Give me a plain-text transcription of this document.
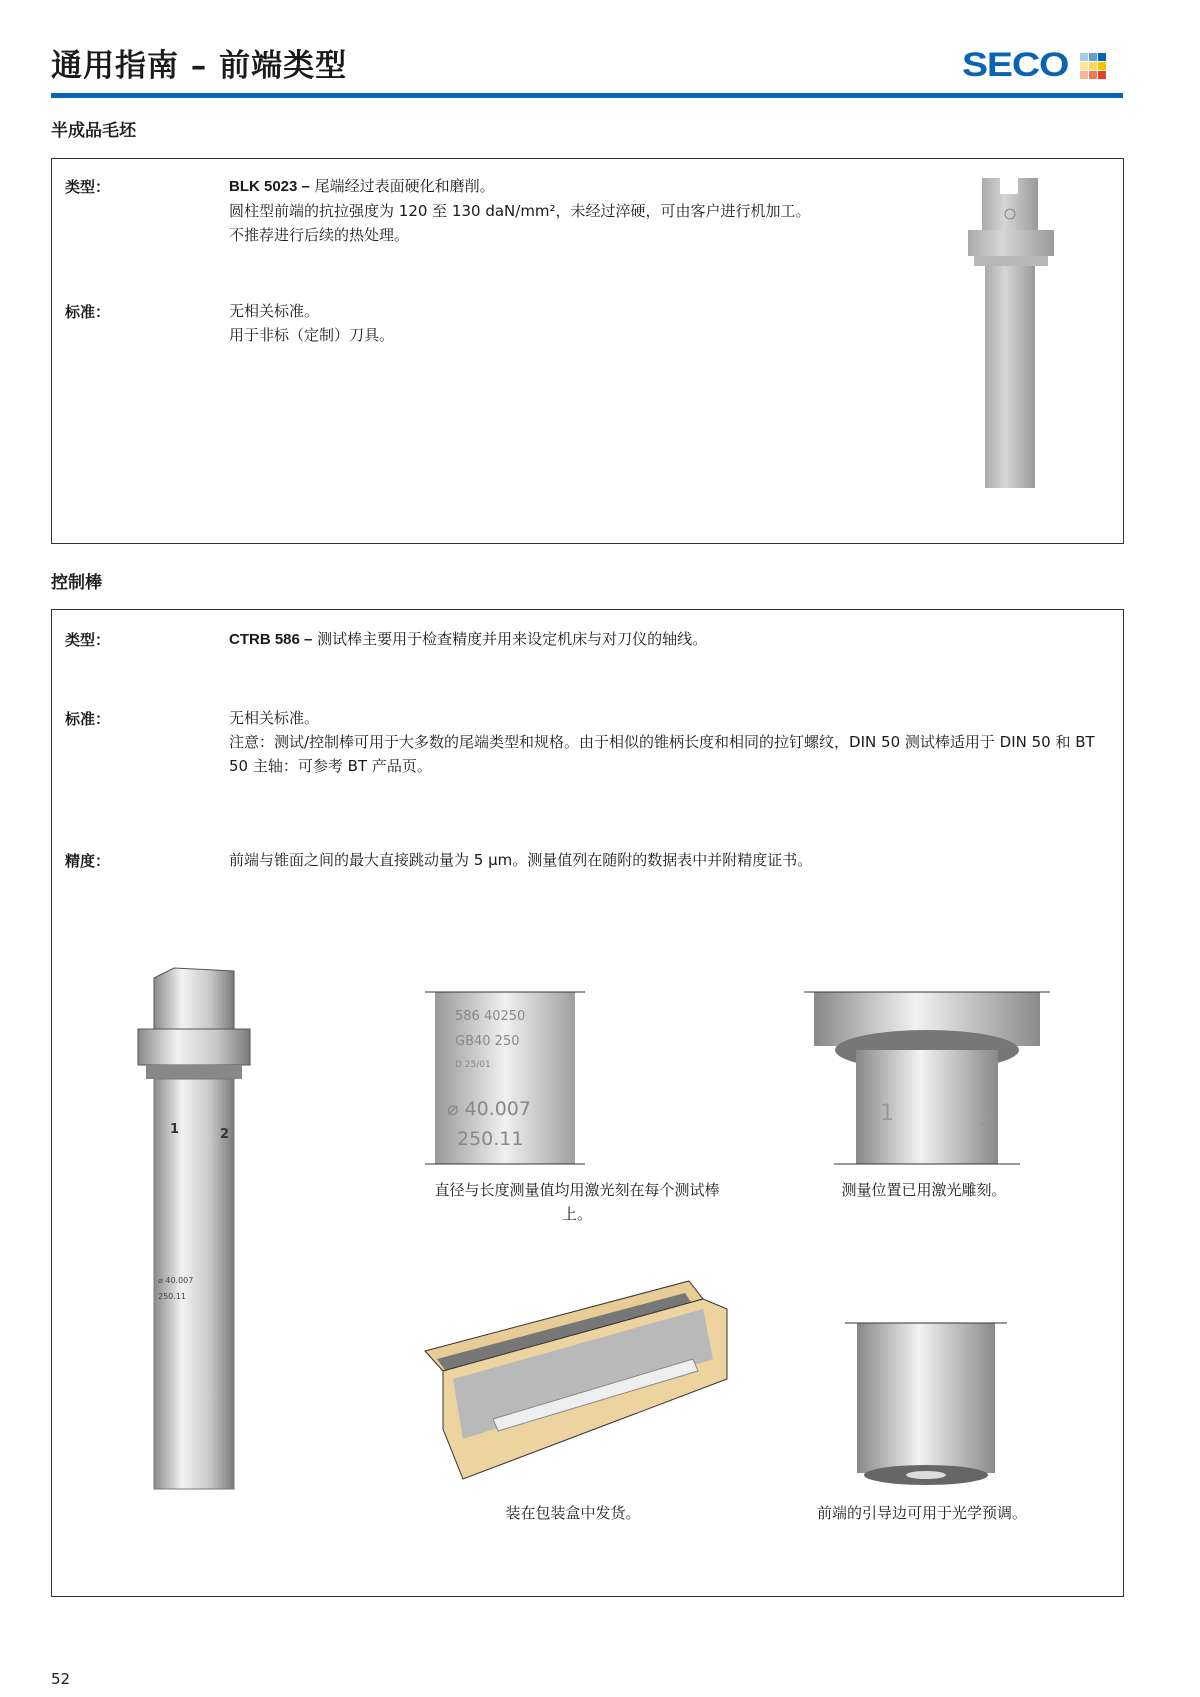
通用指南 – 前端类型	SECO
半成品毛坯
类型：	BLK 5023 – 尾端经过表面硬化和磨削。
圆柱型前端的抗拉强度为 120 至 130 daN/mm²，未经过淬硬，可由客户进行机加工。
不推荐进行后续的热处理。
标准：	无相关标准。
用于非标（定制）刀具。
控制棒
类型：	CTRB 586 – 测试棒主要用于检查精度并用来设定机床与对刀仪的轴线。
标准：	无相关标准。
注意：测试/控制棒可用于大多数的尾端类型和规格。由于相似的锥柄长度和相同的拉钉螺纹，DIN 50 测试棒适用于 DIN 50 和 BT 50 主轴：可参考 BT 产品页。
精度：	前端与锥面之间的最大直接跳动量为 5 μm。测量值列在随附的数据表中并附精度证书。
1	2
⌀ 40.007
250.11
586 40250
GB40 250
D 25/01
⌀ 40.007
250.11
直径与长度测量值均用激光刻在每个测试棒上。
1	2
测量位置已用激光雕刻。
装在包装盒中发货。	前端的引导边可用于光学预调。
52
